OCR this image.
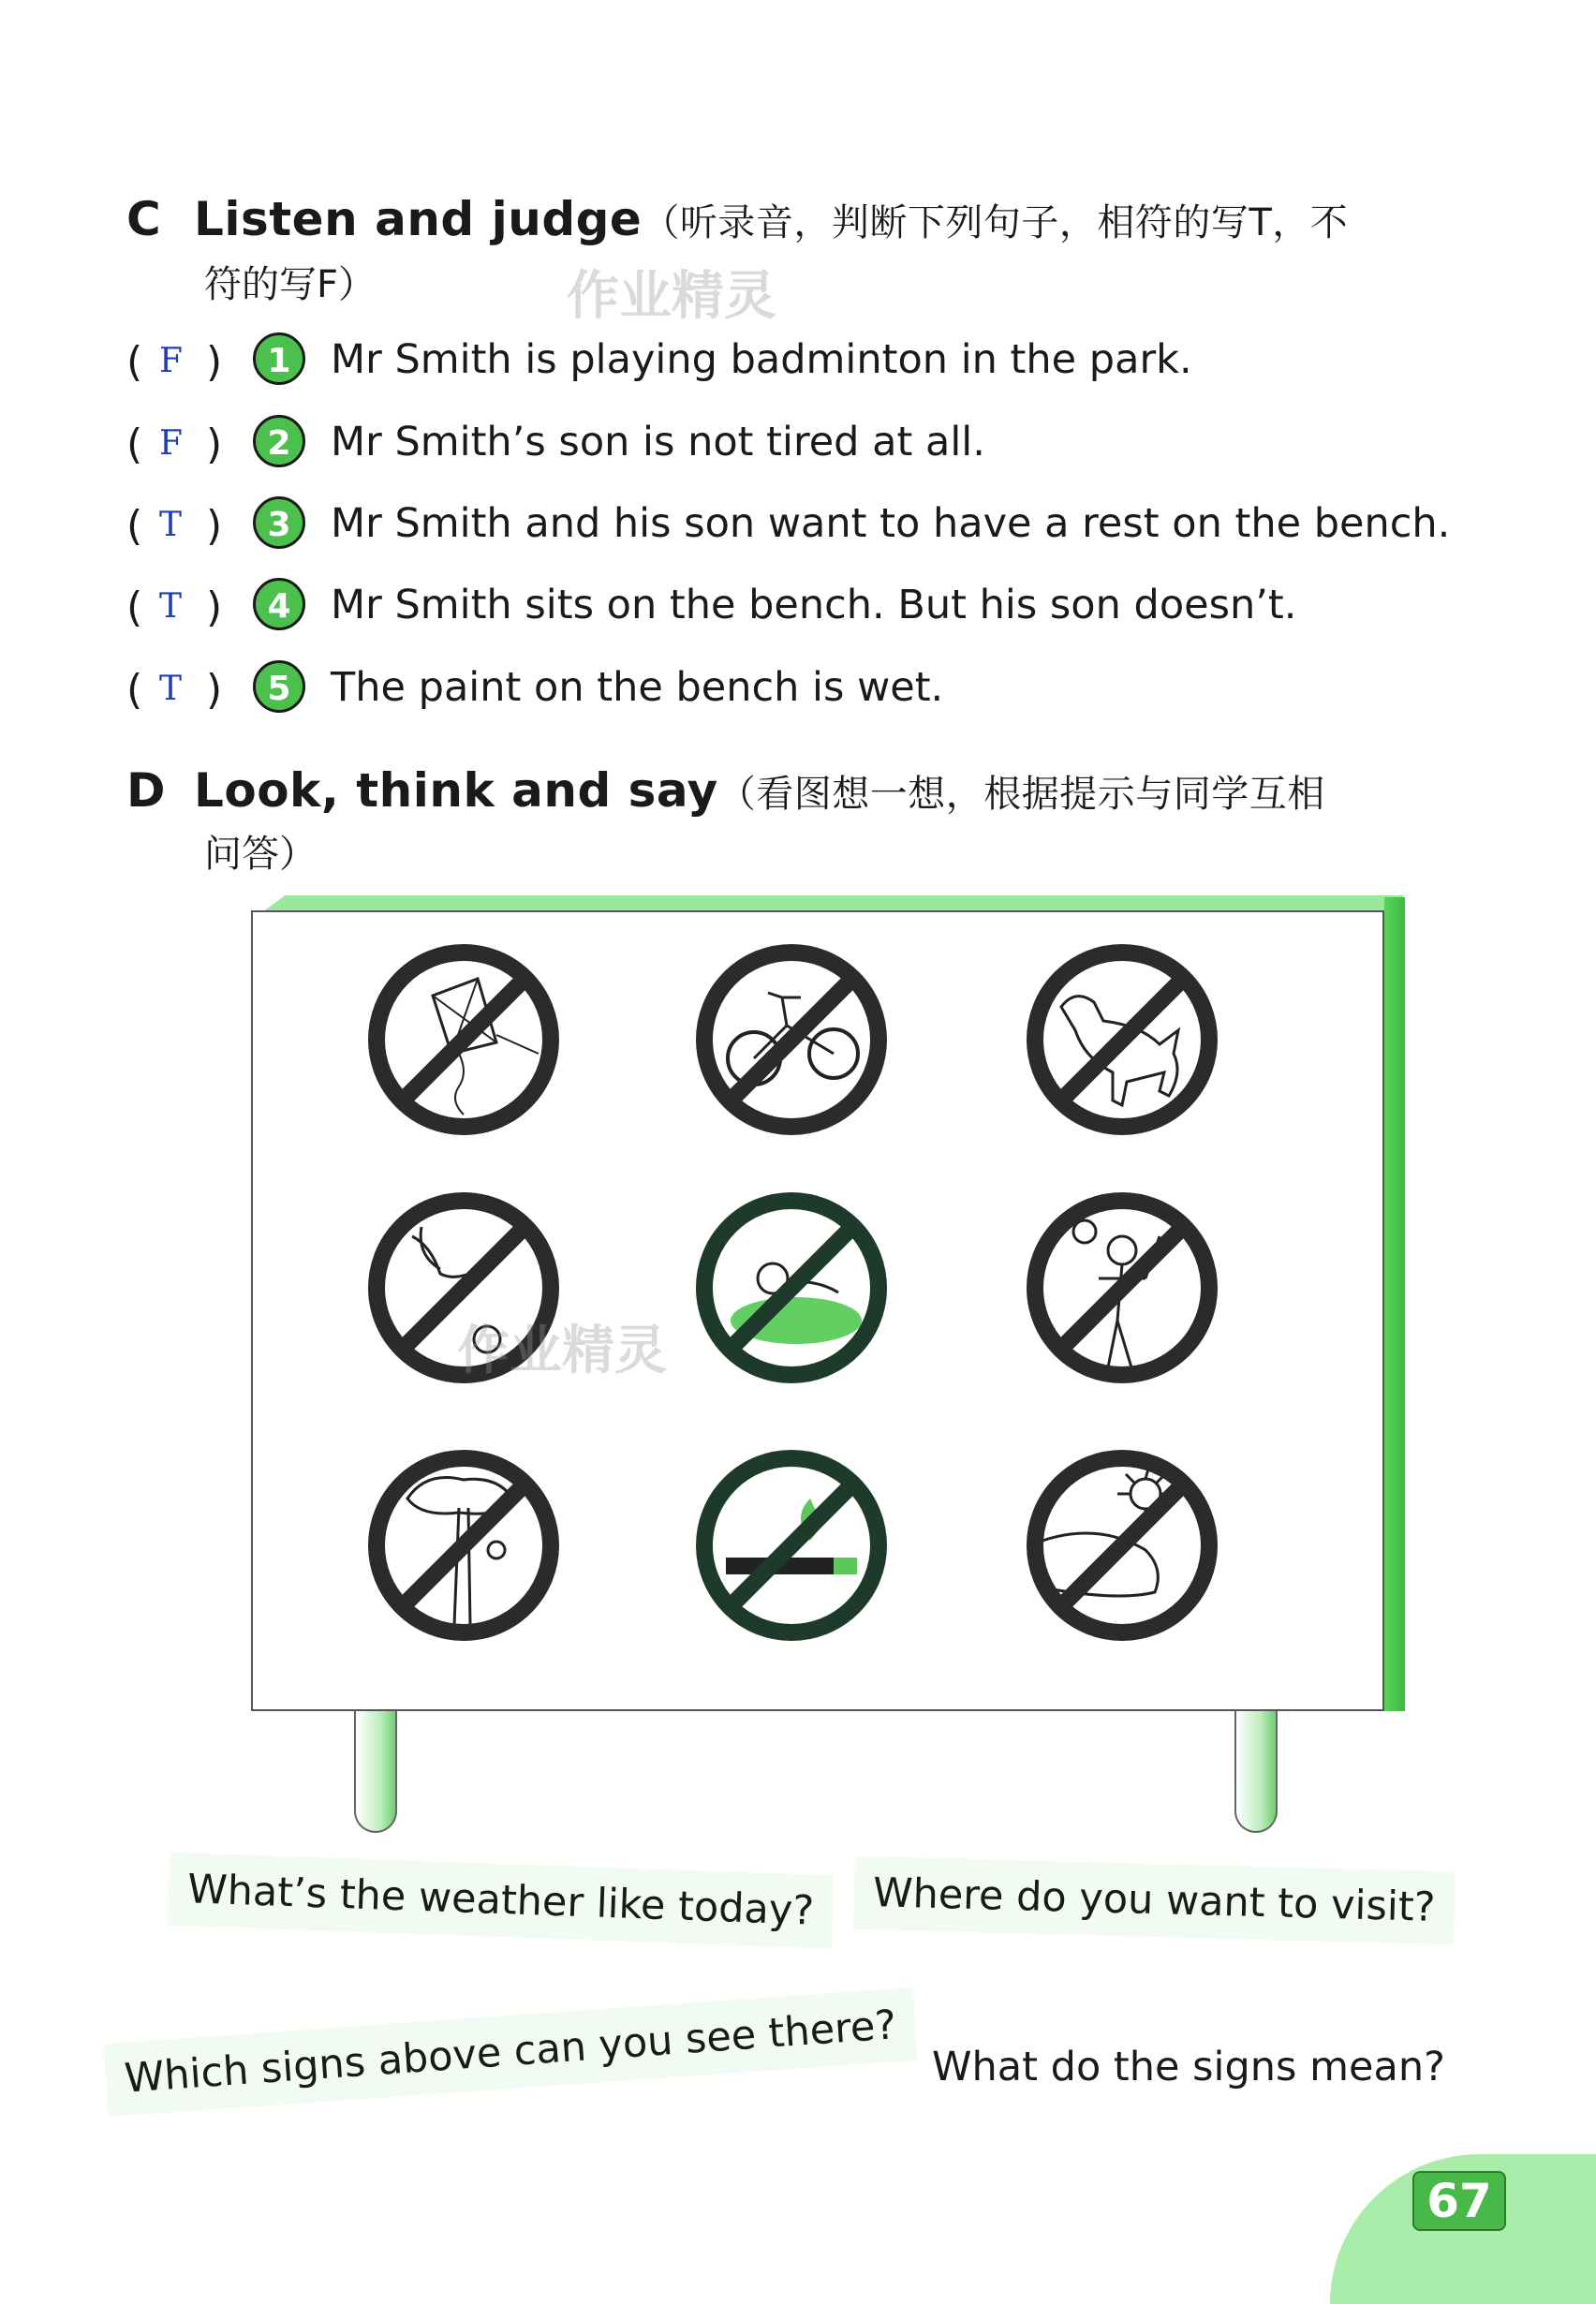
C Listen and judge（听录音，判断下列句子，相符的写T，不
符的写F）	作业精灵
( F )	1 Mr Smith is playing badminton in the park.
( F )	2 Mr Smith’s son is not tired at all.
( T )	3 Mr Smith and his son want to have a rest on the bench.
( T )	4 Mr Smith sits on the bench. But his son doesn’t.
( T )	5 The paint on the bench is wet.
D Look, think and say（看图想一想，根据提示与同学互相
问答）
作业精灵
What’s the weather like today?	Where do you want to visit?
Which signs above can you see there? What do the signs mean?
67
